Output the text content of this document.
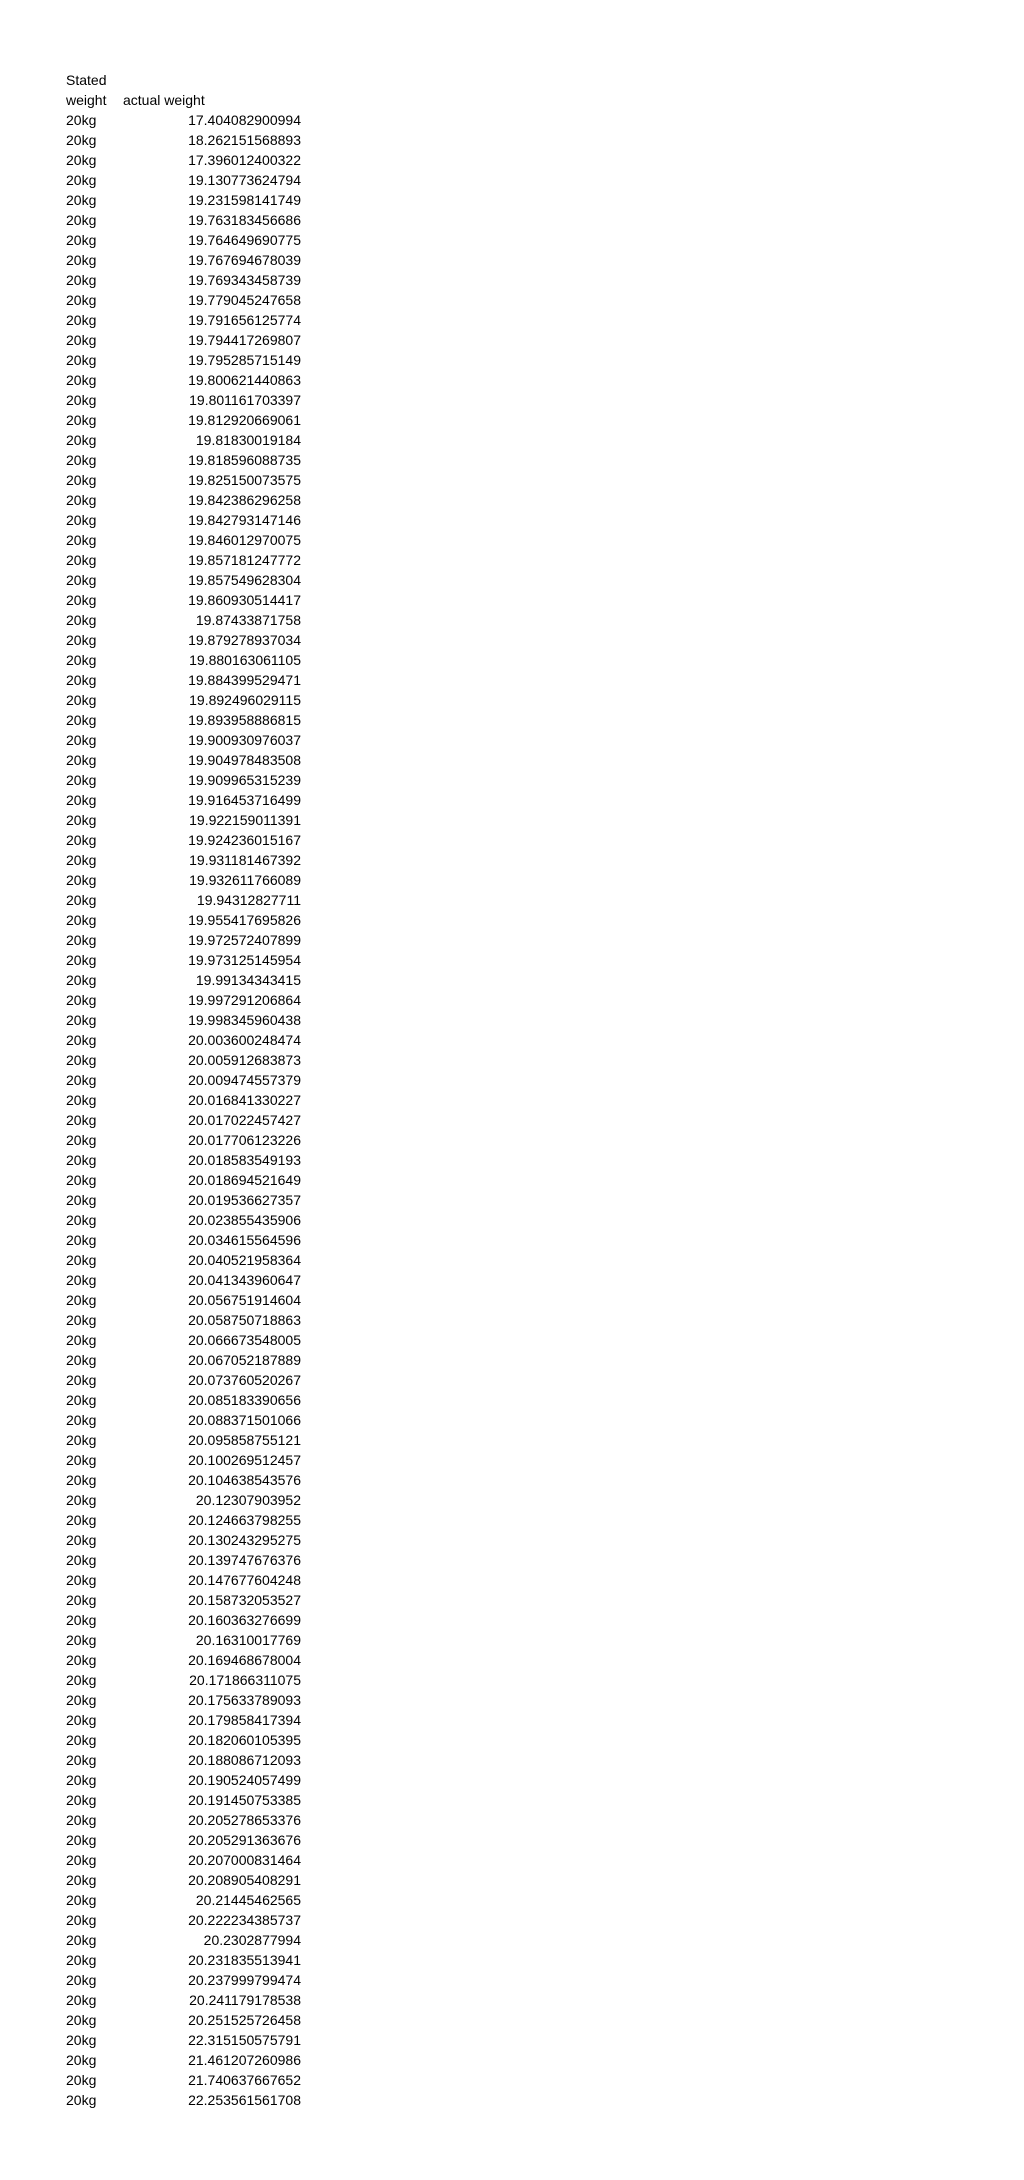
Stated
weight	actual weight
20kg	17.404082900994
20kg	18.262151568893
20kg	17.396012400322
20kg	19.130773624794
20kg	19.231598141749
20kg	19.763183456686
20kg	19.764649690775
20kg	19.767694678039
20kg	19.769343458739
20kg	19.779045247658
20kg	19.791656125774
20kg	19.794417269807
20kg	19.795285715149
20kg	19.800621440863
20kg	19.801161703397
20kg	19.812920669061
20kg	19.81830019184
20kg	19.818596088735
20kg	19.825150073575
20kg	19.842386296258
20kg	19.842793147146
20kg	19.846012970075
20kg	19.857181247772
20kg	19.857549628304
20kg	19.860930514417
20kg	19.87433871758
20kg	19.879278937034
20kg	19.880163061105
20kg	19.884399529471
20kg	19.892496029115
20kg	19.893958886815
20kg	19.900930976037
20kg	19.904978483508
20kg	19.909965315239
20kg	19.916453716499
20kg	19.922159011391
20kg	19.924236015167
20kg	19.931181467392
20kg	19.932611766089
20kg	19.94312827711
20kg	19.955417695826
20kg	19.972572407899
20kg	19.973125145954
20kg	19.99134343415
20kg	19.997291206864
20kg	19.998345960438
20kg	20.003600248474
20kg	20.005912683873
20kg	20.009474557379
20kg	20.016841330227
20kg	20.017022457427
20kg	20.017706123226
20kg	20.018583549193
20kg	20.018694521649
20kg	20.019536627357
20kg	20.023855435906
20kg	20.034615564596
20kg	20.040521958364
20kg	20.041343960647
20kg	20.056751914604
20kg	20.058750718863
20kg	20.066673548005
20kg	20.067052187889
20kg	20.073760520267
20kg	20.085183390656
20kg	20.088371501066
20kg	20.095858755121
20kg	20.100269512457
20kg	20.104638543576
20kg	20.12307903952
20kg	20.124663798255
20kg	20.130243295275
20kg	20.139747676376
20kg	20.147677604248
20kg	20.158732053527
20kg	20.160363276699
20kg	20.16310017769
20kg	20.169468678004
20kg	20.171866311075
20kg	20.175633789093
20kg	20.179858417394
20kg	20.182060105395
20kg	20.188086712093
20kg	20.190524057499
20kg	20.191450753385
20kg	20.205278653376
20kg	20.205291363676
20kg	20.207000831464
20kg	20.208905408291
20kg	20.21445462565
20kg	20.222234385737
20kg	20.2302877994
20kg	20.231835513941
20kg	20.237999799474
20kg	20.241179178538
20kg	20.251525726458
20kg	22.315150575791
20kg	21.461207260986
20kg	21.740637667652
20kg	22.253561561708
